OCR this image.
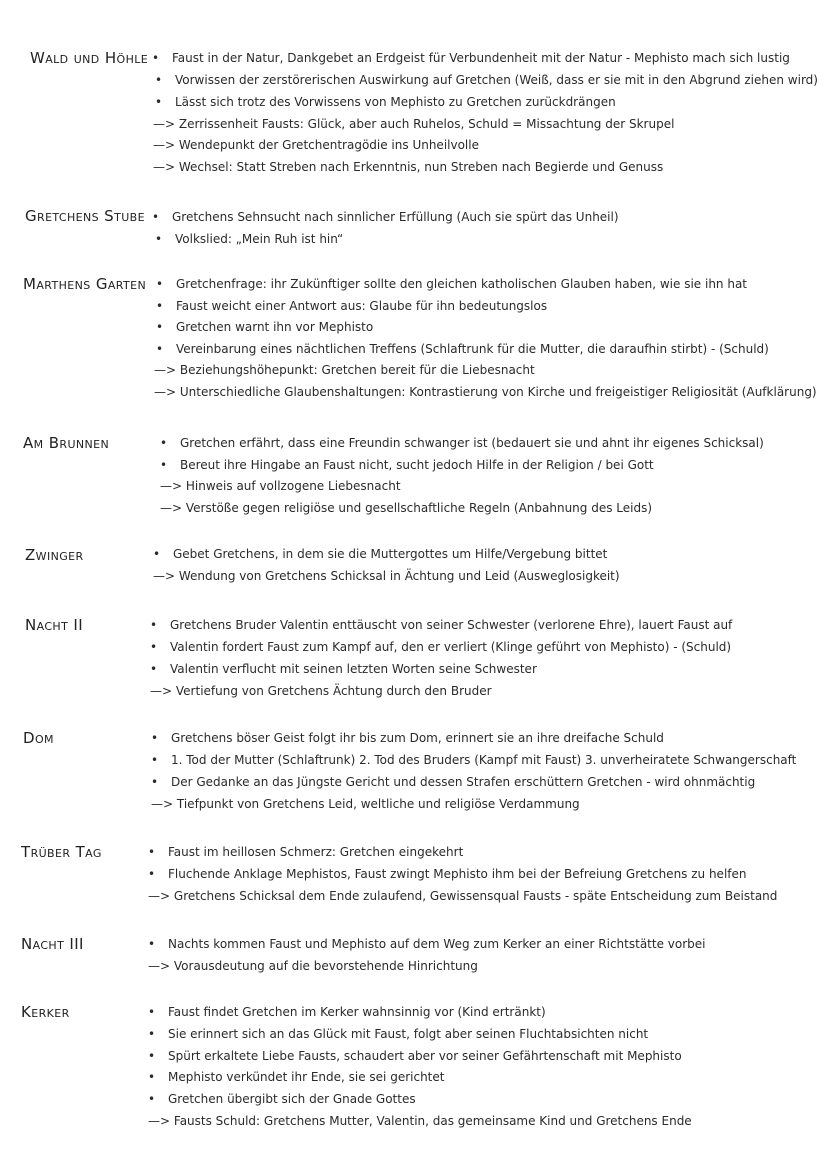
Wald und Höhle • Faust in der Natur, Dankgebet an Erdgeist für Verbundenheit mit der Natur - Mephisto mach sich lustig
• Vorwissen der zerstörerischen Auswirkung auf Gretchen (Weiß, dass er sie mit in den Abgrund ziehen wird)
• Lässt sich trotz des Vorwissens von Mephisto zu Gretchen zurückdrängen
—> Zerrissenheit Fausts: Glück, aber auch Ruhelos, Schuld = Missachtung der Skrupel
—> Wendepunkt der Gretchentragödie ins Unheilvolle
—> Wechsel: Statt Streben nach Erkenntnis, nun Streben nach Begierde und Genuss
Gretchens Stube • Gretchens Sehnsucht nach sinnlicher Erfüllung (Auch sie spürt das Unheil)
• Volkslied: „Mein Ruh ist hin“
Marthens Garten • Gretchenfrage: ihr Zukünftiger sollte den gleichen katholischen Glauben haben, wie sie ihn hat
• Faust weicht einer Antwort aus: Glaube für ihn bedeutungslos
• Gretchen warnt ihn vor Mephisto
• Vereinbarung eines nächtlichen Treffens (Schlaftrunk für die Mutter, die daraufhin stirbt) - (Schuld)
—> Beziehungshöhepunkt: Gretchen bereit für die Liebesnacht
—> Unterschiedliche Glaubenshaltungen: Kontrastierung von Kirche und freigeistiger Religiosität (Aufklärung)
Am Brunnen	• Gretchen erfährt, dass eine Freundin schwanger ist (bedauert sie und ahnt ihr eigenes Schicksal)
• Bereut ihre Hingabe an Faust nicht, sucht jedoch Hilfe in der Religion / bei Gott
—> Hinweis auf vollzogene Liebesnacht
—> Verstöße gegen religiöse und gesellschaftliche Regeln (Anbahnung des Leids)
Zwinger	• Gebet Gretchens, in dem sie die Muttergottes um Hilfe/Vergebung bittet
—> Wendung von Gretchens Schicksal in Ächtung und Leid (Ausweglosigkeit)
Nacht II	• Gretchens Bruder Valentin enttäuscht von seiner Schwester (verlorene Ehre), lauert Faust auf
• Valentin fordert Faust zum Kampf auf, den er verliert (Klinge geführt von Mephisto) - (Schuld)
• Valentin verflucht mit seinen letzten Worten seine Schwester
—> Vertiefung von Gretchens Ächtung durch den Bruder
Dom	• Gretchens böser Geist folgt ihr bis zum Dom, erinnert sie an ihre dreifache Schuld
• 1. Tod der Mutter (Schlaftrunk) 2. Tod des Bruders (Kampf mit Faust) 3. unverheiratete Schwangerschaft
• Der Gedanke an das Jüngste Gericht und dessen Strafen erschüttern Gretchen - wird ohnmächtig
—> Tiefpunkt von Gretchens Leid, weltliche und religiöse Verdammung
Trüber Tag	• Faust im heillosen Schmerz: Gretchen eingekehrt
• Fluchende Anklage Mephistos, Faust zwingt Mephisto ihm bei der Befreiung Gretchens zu helfen
—> Gretchens Schicksal dem Ende zulaufend, Gewissensqual Fausts - späte Entscheidung zum Beistand
Nacht III	• Nachts kommen Faust und Mephisto auf dem Weg zum Kerker an einer Richtstätte vorbei
—> Vorausdeutung auf die bevorstehende Hinrichtung
Kerker	• Faust findet Gretchen im Kerker wahnsinnig vor (Kind ertränkt)
• Sie erinnert sich an das Glück mit Faust, folgt aber seinen Fluchtabsichten nicht
• Spürt erkaltete Liebe Fausts, schaudert aber vor seiner Gefährtenschaft mit Mephisto
• Mephisto verkündet ihr Ende, sie sei gerichtet
• Gretchen übergibt sich der Gnade Gottes
—> Fausts Schuld: Gretchens Mutter, Valentin, das gemeinsame Kind und Gretchens Ende
